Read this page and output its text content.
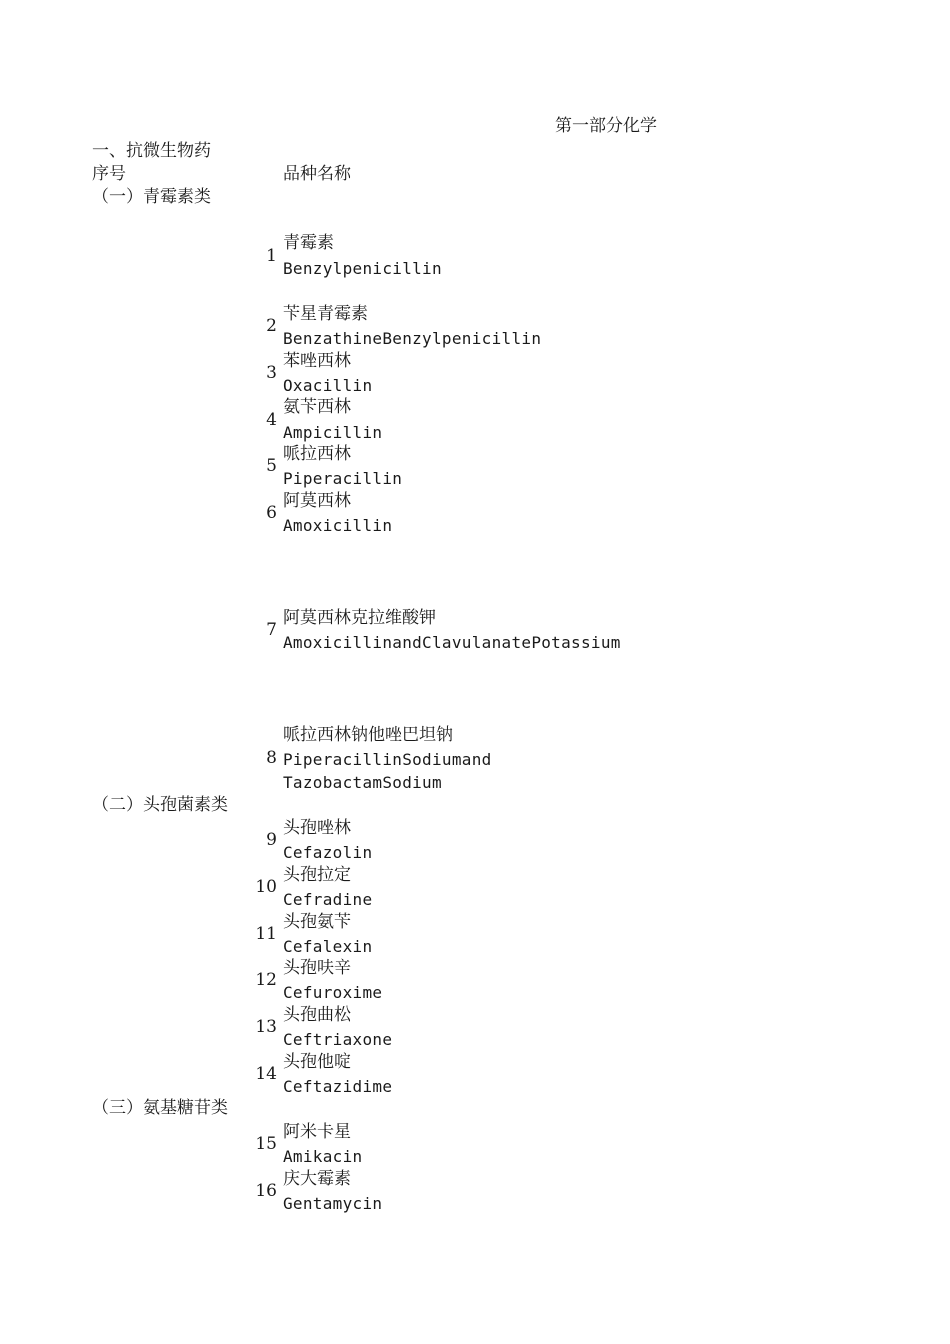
第一部分化学
一、抗微生物药
序号	品种名称
（一）青霉素类
（二）头孢菌素类
（三）氨基糖苷类
1
青霉素
Benzylpenicillin
2
苄星青霉素
BenzathineBenzylpenicillin
3
苯唑西林
Oxacillin
4
氨苄西林
Ampicillin
5
哌拉西林
Piperacillin
6
阿莫西林
Amoxicillin
7
阿莫西林克拉维酸钾
AmoxicillinandClavulanatePotassium
8
哌拉西林钠他唑巴坦钠
PiperacillinSodiumand
TazobactamSodium
9
头孢唑林
Cefazolin
10
头孢拉定
Cefradine
11
头孢氨苄
Cefalexin
12
头孢呋辛
Cefuroxime
13
头孢曲松
Ceftriaxone
14
头孢他啶
Ceftazidime
15
阿米卡星
Amikacin
16
庆大霉素
Gentamycin
